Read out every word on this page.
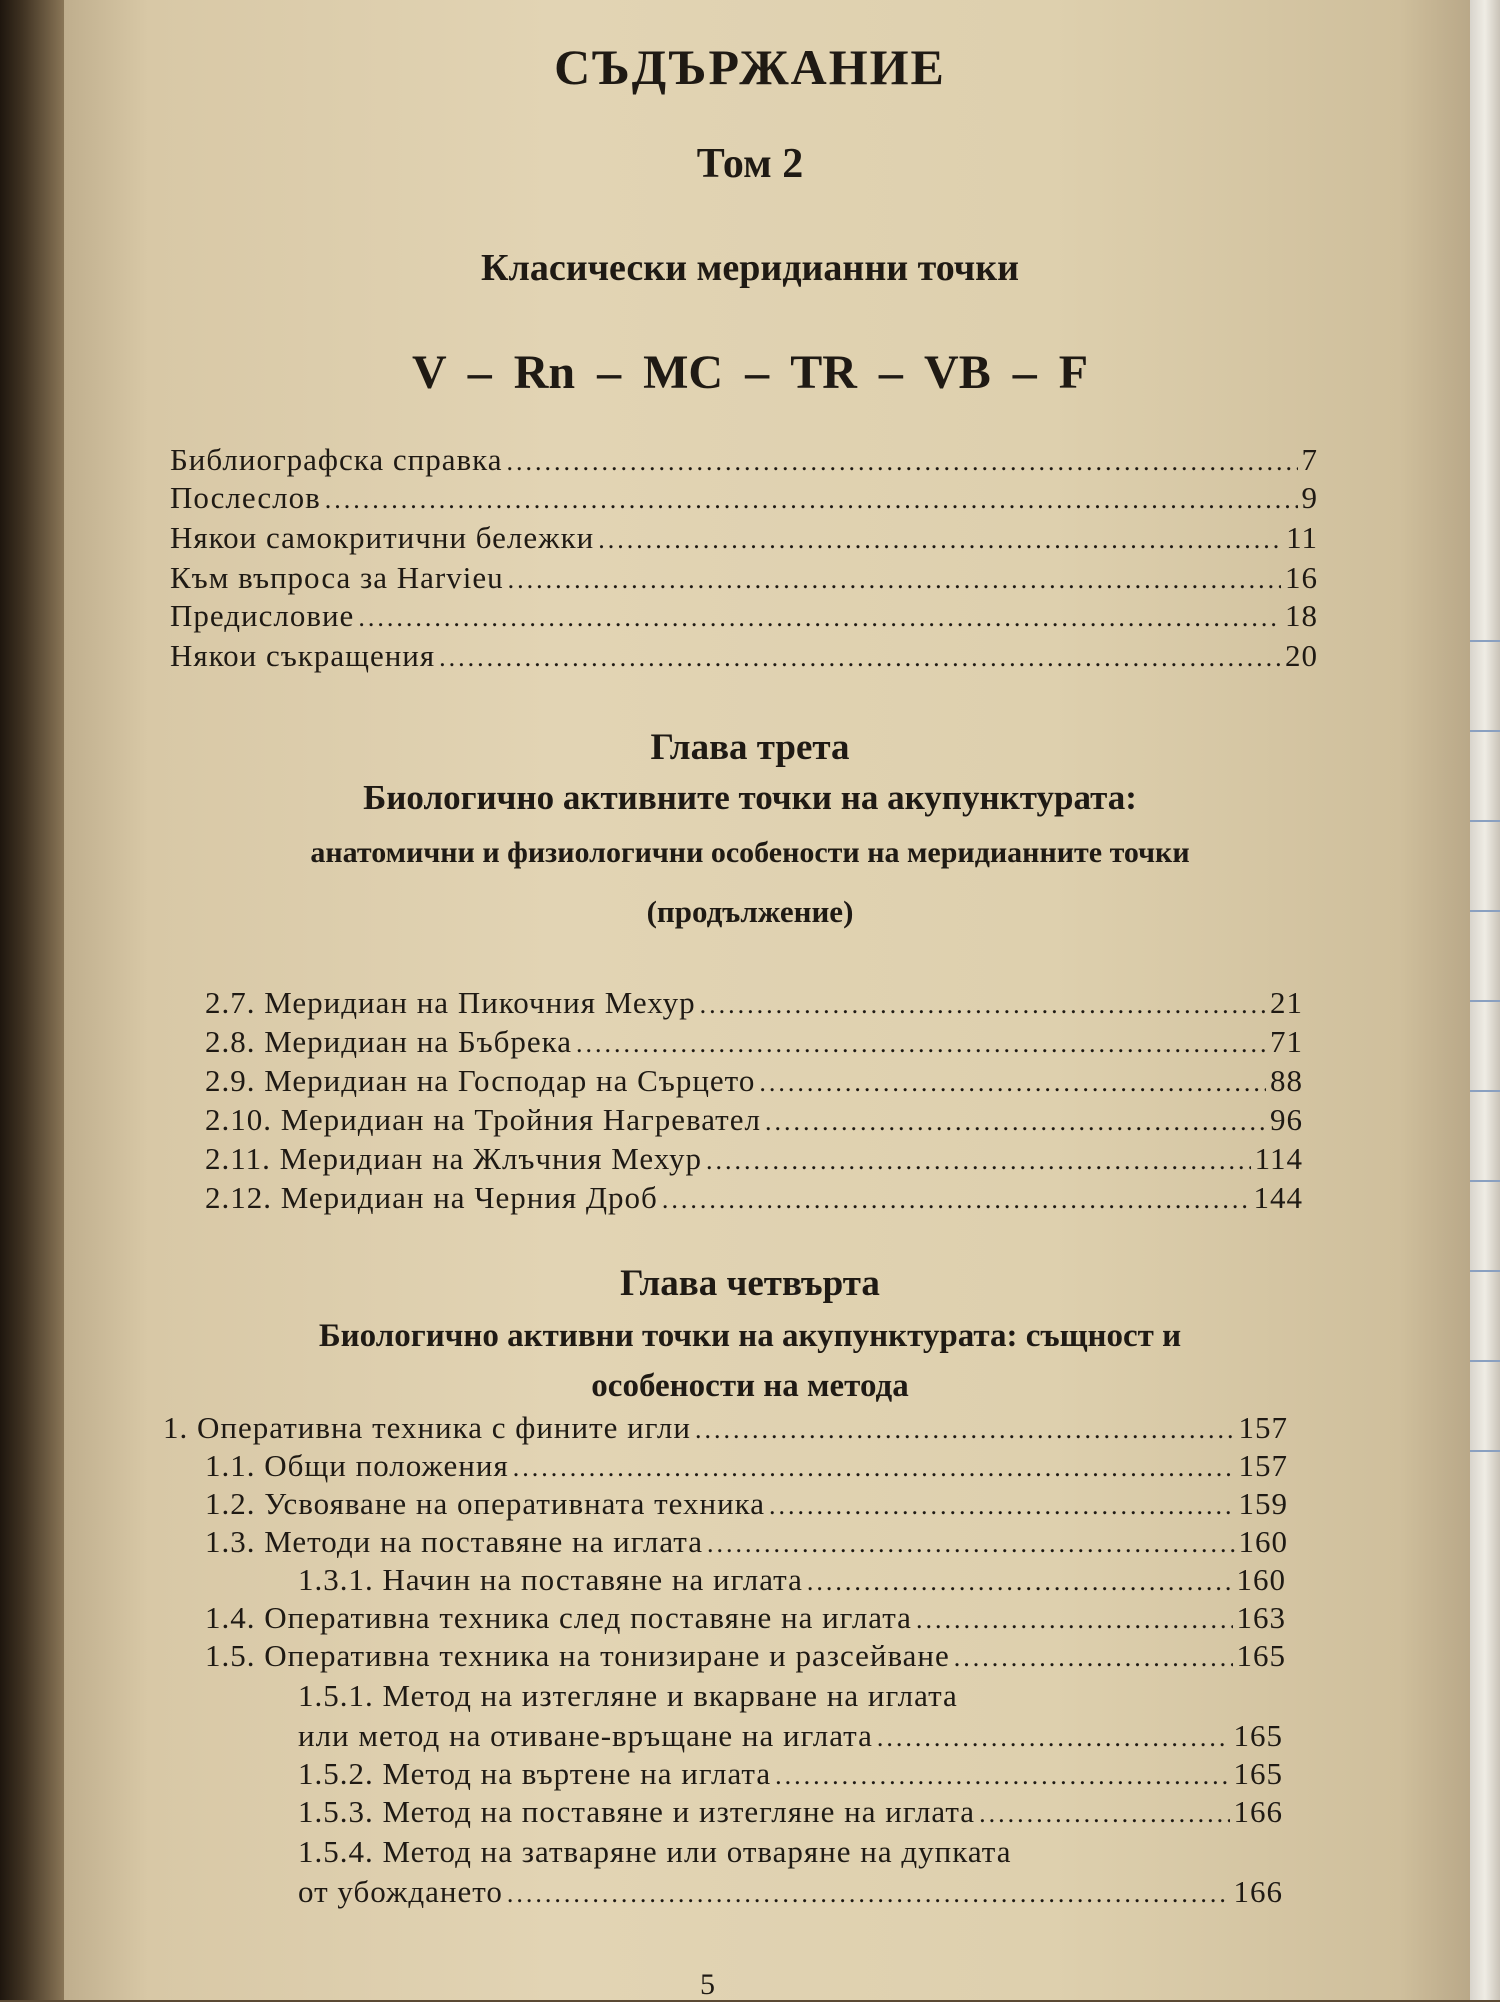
СЪДЪРЖАНИЕ
Том 2
Класически меридианни точки
V – Rn – MC – TR – VB – F
Библиографска справка .....	7
Послеслов .....	9
Някои самокритични бележки .....	11
Към въпроса за Harvieu .....	16
Предисловие .....	18
Някои съкращения .....	20
Глава трета
Биологично активните точки на акупунктурата:
анатомични и физиологични особености на меридианните точки
(продължение)
2.7. Меридиан на Пикочния Мехур .....	21
2.8. Меридиан на Бъбрека .....	71
2.9. Меридиан на Господар на Сърцето .....	88
2.10. Меридиан на Тройния Нагревател .....	96
2.11. Меридиан на Жлъчния Мехур .....	114
2.12. Меридиан на Черния Дроб .....	144
Глава четвърта
Биологично активни точки на акупунктурата: същност и
особености на метода
1. Оперативна техника с фините игли .....	157
1.1. Общи положения .....	157
1.2. Усвояване на оперативната техника .....	159
1.3. Методи на поставяне на иглата .....	160
1.3.1. Начин на поставяне на иглата .....	160
1.4. Оперативна техника след поставяне на иглата .....	163
1.5. Оперативна техника на тонизиране и разсейване .....	165
1.5.1. Метод на изтегляне и вкарване на иглата
или метод на отиване-връщане на иглата .....	165
1.5.2. Метод на въртене на иглата .....	165
1.5.3. Метод на поставяне и изтегляне на иглата .....	166
1.5.4. Метод на затваряне или отваряне на дупката
от убождането .....	166
5
